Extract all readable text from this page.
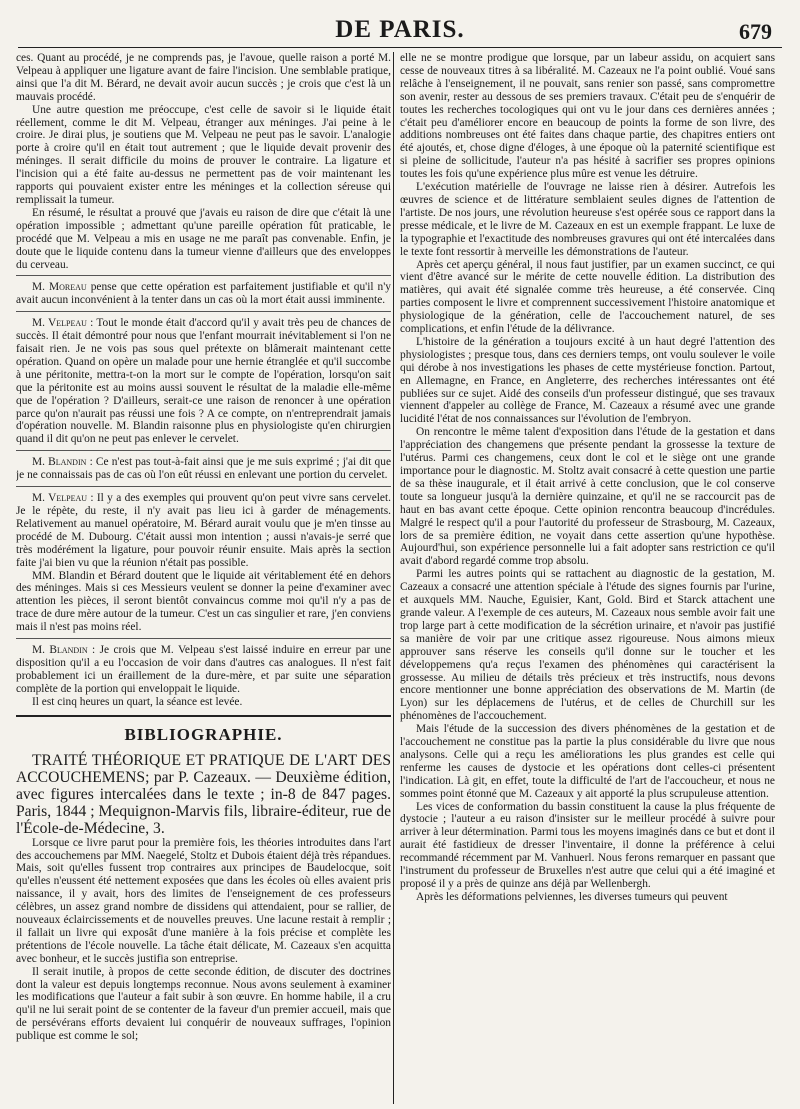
DE PARIS.	679

ces. Quant au procédé, je ne comprends pas, je l'avoue, quelle raison a porté M. Velpeau à appliquer une ligature avant de faire l'incision. Une semblable pratique, ainsi que l'a dit M. Bérard, ne devait avoir aucun succès ; je crois que c'est là un mauvais procédé.

Une autre question me préoccupe, c'est celle de savoir si le liquide était réellement, comme le dit M. Velpeau, étranger aux méninges. J'ai peine à le croire. Je dirai plus, je soutiens que M. Velpeau ne peut pas le savoir. L'analogie porte à croire qu'il en était tout autrement ; que le liquide devait provenir des méninges. Il serait difficile du moins de prouver le contraire. La ligature et l'incision qui a été faite au-dessus ne permettent pas de voir maintenant les rapports qui pouvaient exister entre les méninges et la collection séreuse qui remplissait la tumeur.

En résumé, le résultat a prouvé que j'avais eu raison de dire que c'était là une opération impossible ; admettant qu'une pareille opération fût praticable, le procédé que M. Velpeau a mis en usage ne me paraît pas convenable. Enfin, je doute que le liquide contenu dans la tumeur vienne d'ailleurs que des enveloppes du cerveau.

M. Moreau pense que cette opération est parfaitement justifiable et qu'il n'y avait aucun inconvénient à la tenter dans un cas où la mort était aussi imminente.

M. Velpeau : Tout le monde était d'accord qu'il y avait très peu de chances de succès. Il était démontré pour nous que l'enfant mourrait inévitablement si l'on ne faisait rien. Je ne vois pas sous quel prétexte on blâmerait maintenant cette opération. Quand on opère un malade pour une hernie étranglée et qu'il succombe à une péritonite, mettra-t-on la mort sur le compte de l'opération, lorsqu'on sait que la péritonite est au moins aussi souvent le résultat de la maladie elle-même que de l'opération ? D'ailleurs, serait-ce une raison de renoncer à une opération parce qu'on n'aurait pas réussi une fois ? A ce compte, on n'entreprendrait jamais d'opération nouvelle. M. Blandin raisonne plus en physiologiste qu'en chirurgien quand il dit qu'on ne peut pas enlever le cervelet.

M. Blandin : Ce n'est pas tout-à-fait ainsi que je me suis exprimé ; j'ai dit que je ne connaissais pas de cas où l'on eût réussi en enlevant une portion du cervelet.

M. Velpeau : Il y a des exemples qui prouvent qu'on peut vivre sans cervelet. Je le répète, du reste, il n'y avait pas lieu ici à garder de ménagements. Relativement au manuel opératoire, M. Bérard aurait voulu que je m'en tinsse au procédé de M. Dubourg. C'était aussi mon intention ; aussi n'avais-je serré que très modérément la ligature, pour pouvoir réunir ensuite. Mais après la section faite j'ai bien vu que la réunion n'était pas possible.

MM. Blandin et Bérard doutent que le liquide ait véritablement été en dehors des méninges. Mais si ces Messieurs veulent se donner la peine d'examiner avec attention les pièces, il seront bientôt convaincus comme moi qu'il n'y a pas de trace de dure mère autour de la tumeur. C'est un cas singulier et rare, j'en conviens mais il n'est pas moins réel.

M. Blandin : Je crois que M. Velpeau s'est laissé induire en erreur par une disposition qu'il a eu l'occasion de voir dans d'autres cas analogues. Il n'est fait probablement ici un éraillement de la dure-mère, et par suite une séparation complète de la portion qui enveloppait le liquide.

Il est cinq heures un quart, la séance est levée.

BIBLIOGRAPHIE.

TRAITÉ THÉORIQUE ET PRATIQUE DE L'ART DES ACCOUCHEMENS; par P. Cazeaux. — Deuxième édition, avec figures intercalées dans le texte ; in-8 de 847 pages. Paris, 1844 ; Mequignon-Marvis fils, libraire-éditeur, rue de l'École-de-Médecine, 3.

Lorsque ce livre parut pour la première fois, les théories introduites dans l'art des accouchemens par MM. Naegelé, Stoltz et Dubois étaient déjà très répandues. Mais, soit qu'elles fussent trop contraires aux principes de Baudelocque, soit qu'elles n'eussent été nettement exposées que dans les écoles où elles avaient pris naissance, il y avait, hors des limites de l'enseignement de ces professeurs célèbres, un assez grand nombre de dissidens qui attendaient, pour se rallier, de nouveaux éclaircissements et de nouvelles preuves. Une lacune restait à remplir ; il fallait un livre qui exposât d'une manière à la fois précise et complète les prétentions de l'école nouvelle. La tâche était délicate, M. Cazeaux s'en acquitta avec bonheur, et le succès justifia son entreprise.

Il serait inutile, à propos de cette seconde édition, de discuter des doctrines dont la valeur est depuis longtemps reconnue. Nous avons seulement à examiner les modifications que l'auteur a fait subir à son œuvre. En homme habile, il a cru qu'il ne lui serait point de se contenter de la faveur d'un premier accueil, mais que de persévérans efforts devaient lui conquérir de nouveaux suffrages, l'opinion publique est comme le sol;

elle ne se montre prodigue que lorsque, par un labeur assidu, on acquiert sans cesse de nouveaux titres à sa libéralité. M. Cazeaux ne l'a point oublié. Voué sans relâche à l'enseignement, il ne pouvait, sans renier son passé, sans compromettre son avenir, rester au dessous de ses premiers travaux. C'était peu de s'enquérir de toutes les recherches tocologiques qui ont vu le jour dans ces dernières années ; c'était peu d'améliorer encore en beaucoup de points la forme de son livre, des additions nombreuses ont été faites dans chaque partie, des chapitres entiers ont été ajoutés, et, chose digne d'éloges, à une époque où la paternité scientifique est si pleine de sollicitude, l'auteur n'a pas hésité à sacrifier ses propres opinions toutes les fois qu'une expérience plus mûre est venue les détruire.

L'exécution matérielle de l'ouvrage ne laisse rien à désirer. Autrefois les œuvres de science et de littérature semblaient seules dignes de l'attention de l'artiste. De nos jours, une révolution heureuse s'est opérée sous ce rapport dans la presse médicale, et le livre de M. Cazeaux en est un exemple frappant. Le luxe de la typographie et l'exactitude des nombreuses gravures qui ont été intercalées dans le texte font ressortir à merveille les démonstrations de l'auteur.

Après cet aperçu général, il nous faut justifier, par un examen succinct, ce qui vient d'être avancé sur le mérite de cette nouvelle édition. La distribution des matières, qui avait été signalée comme très heureuse, a été conservée. Cinq parties composent le livre et comprennent successivement l'histoire anatomique et physiologique de la génération, celle de l'accouchement naturel, de ses complications, et enfin l'étude de la délivrance.

L'histoire de la génération a toujours excité à un haut degré l'attention des physiologistes ; presque tous, dans ces derniers temps, ont voulu soulever le voile qui dérobe à nos investigations les phases de cette mystérieuse fonction. Partout, en Allemagne, en France, en Angleterre, des recherches intéressantes ont été publiées sur ce sujet. Aidé des conseils d'un professeur distingué, que ses travaux viennent d'appeler au collège de France, M. Cazeaux a résumé avec une grande lucidité l'état de nos connaissances sur l'évolution de l'embryon.

On rencontre le même talent d'exposition dans l'étude de la gestation et dans l'appréciation des changemens que présente pendant la grossesse la texture de l'utérus. Parmi ces changemens, ceux dont le col et le siège ont une grande importance pour le diagnostic. M. Stoltz avait consacré à cette question une partie de sa thèse inaugurale, et il était arrivé à cette conclusion, que le col conserve toute sa longueur jusqu'à la dernière quinzaine, et qu'il ne se raccourcit pas de haut en bas avant cette époque. Cette opinion rencontra beaucoup d'incrédules. Malgré le respect qu'il a pour l'autorité du professeur de Strasbourg, M. Cazeaux, lors de sa première édition, ne voyait dans cette assertion qu'une hypothèse. Aujourd'hui, son expérience personnelle lui a fait adopter sans restriction ce qu'il avait d'abord regardé comme trop absolu.

Parmi les autres points qui se rattachent au diagnostic de la gestation, M. Cazeaux a consacré une attention spéciale à l'étude des signes fournis par l'urine, et auxquels MM. Nauche, Eguisier, Kant, Gold. Bird et Starck attachent une grande valeur. A l'exemple de ces auteurs, M. Cazeaux nous semble avoir fait une trop large part à cette modification de la sécrétion urinaire, et n'avoir pas justifié sa manière de voir par une critique assez rigoureuse. Nous aimons mieux approuver sans réserve les conseils qu'il donne sur le toucher et les développemens qu'a reçus l'examen des phénomènes qui caractérisent la grossesse. Au milieu de détails très précieux et très instructifs, nous devons encore mentionner une bonne appréciation des observations de M. Martin (de Lyon) sur les déplacemens de l'utérus, et de celles de Churchill sur les phénomènes de l'accouchement.

Mais l'étude de la succession des divers phénomènes de la gestation et de l'accouchement ne constitue pas la partie la plus considérable du livre que nous analysons. Celle qui a reçu les améliorations les plus grandes est celle qui renferme les causes de dystocie et les opérations dont celles-ci présentent l'indication. Là git, en effet, toute la difficulté de l'art de l'accoucheur, et nous ne sommes point étonné que M. Cazeaux y ait apporté la plus scrupuleuse attention.

Les vices de conformation du bassin constituent la cause la plus fréquente de dystocie ; l'auteur a eu raison d'insister sur le meilleur procédé à suivre pour arriver à leur détermination. Parmi tous les moyens imaginés dans ce but et dont il aurait été fastidieux de dresser l'inventaire, il donne la préférence à celui recommandé récemment par M. Vanhuerl. Nous ferons remarquer en passant que l'instrument du professeur de Bruxelles n'est autre que celui qui a été imaginé et proposé il y a près de quinze ans déjà par Wellenbergh.

Après les déformations pelviennes, les diverses tumeurs qui peuvent
